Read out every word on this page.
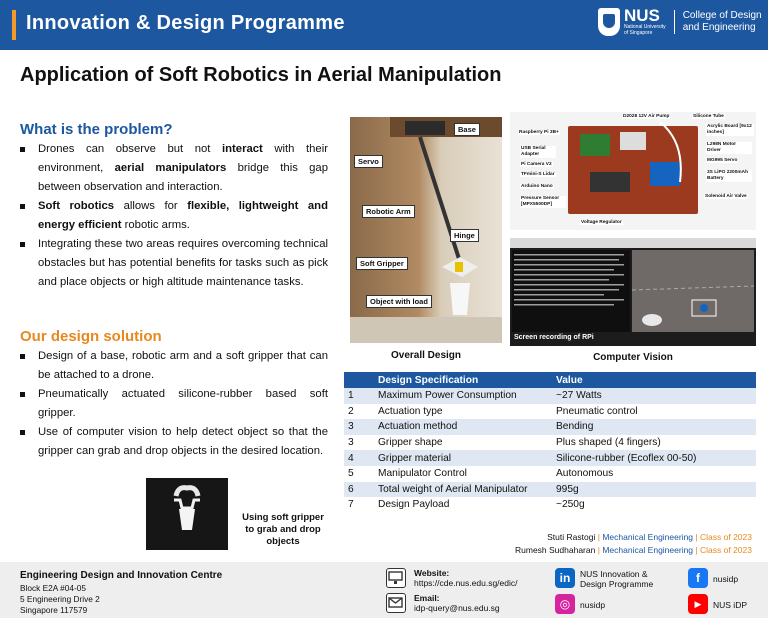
Innovation & Design Programme	NUS
National University
of Singapore
College of Design
and Engineering
Application of Soft Robotics in Aerial Manipulation
What is the problem?
Drones can observe but not interact with their environment, aerial manipulators bridge this gap between observation and interaction.
Soft robotics allows for flexible, lightweight and energy efficient robotic arms.
Integrating these two areas requires overcoming technical obstacles but has potential benefits for tasks such as pick and place objects or high altitude maintenance tasks.
Our design solution
Design of a base, robotic arm and a soft gripper that can be attached to a drone.
Pneumatically actuated silicone-rubber based soft gripper.
Use of computer vision to help detect object so that the gripper can grab and drop objects in the desired location.
Using soft gripper to grab and drop objects
Base
Servo
Robotic Arm
Hinge
Soft Gripper
Object with load
Overall Design
Raspberry Pi 3B+
D2028 12V Air Pump	Silicone Tube
Acrylic Board [9x12 inches]
USB Serial Adapter
Pi Camera V2
TFmini-S Lidar
Arduino Nano
Pressure Sensor [MPX5500DP]
L298N Motor Driver
MG995 Servo
3S LiPO 2200mAh Battery
Solenoid Air Valve
Voltage Regulator
Screen recording of RPi
Computer Vision
	Design Specification	Value
1	Maximum Power Consumption	~27 Watts
2	Actuation type	Pneumatic control
3	Actuation method	Bending
3	Gripper shape	Plus shaped (4 fingers)
4	Gripper material	Silicone-rubber (Ecoflex 00-50)
5	Manipulator Control	Autonomous
6	Total weight of Aerial Manipulator	995g
7	Design Payload	~250g
Stuti Rastogi | Mechanical Engineering | Class of 2023
Rumesh Sudhaharan | Mechanical Engineering | Class of 2023
Engineering Design and Innovation Centre
Block E2A #04-05
5 Engineering Drive 2
Singapore 117579
Website:
https://cde.nus.edu.sg/edic/
Email:
idp-query@nus.edu.sg
in	NUS Innovation & Design Programme
◎	nusidp
f	nusidp
▶	NUS iDP
